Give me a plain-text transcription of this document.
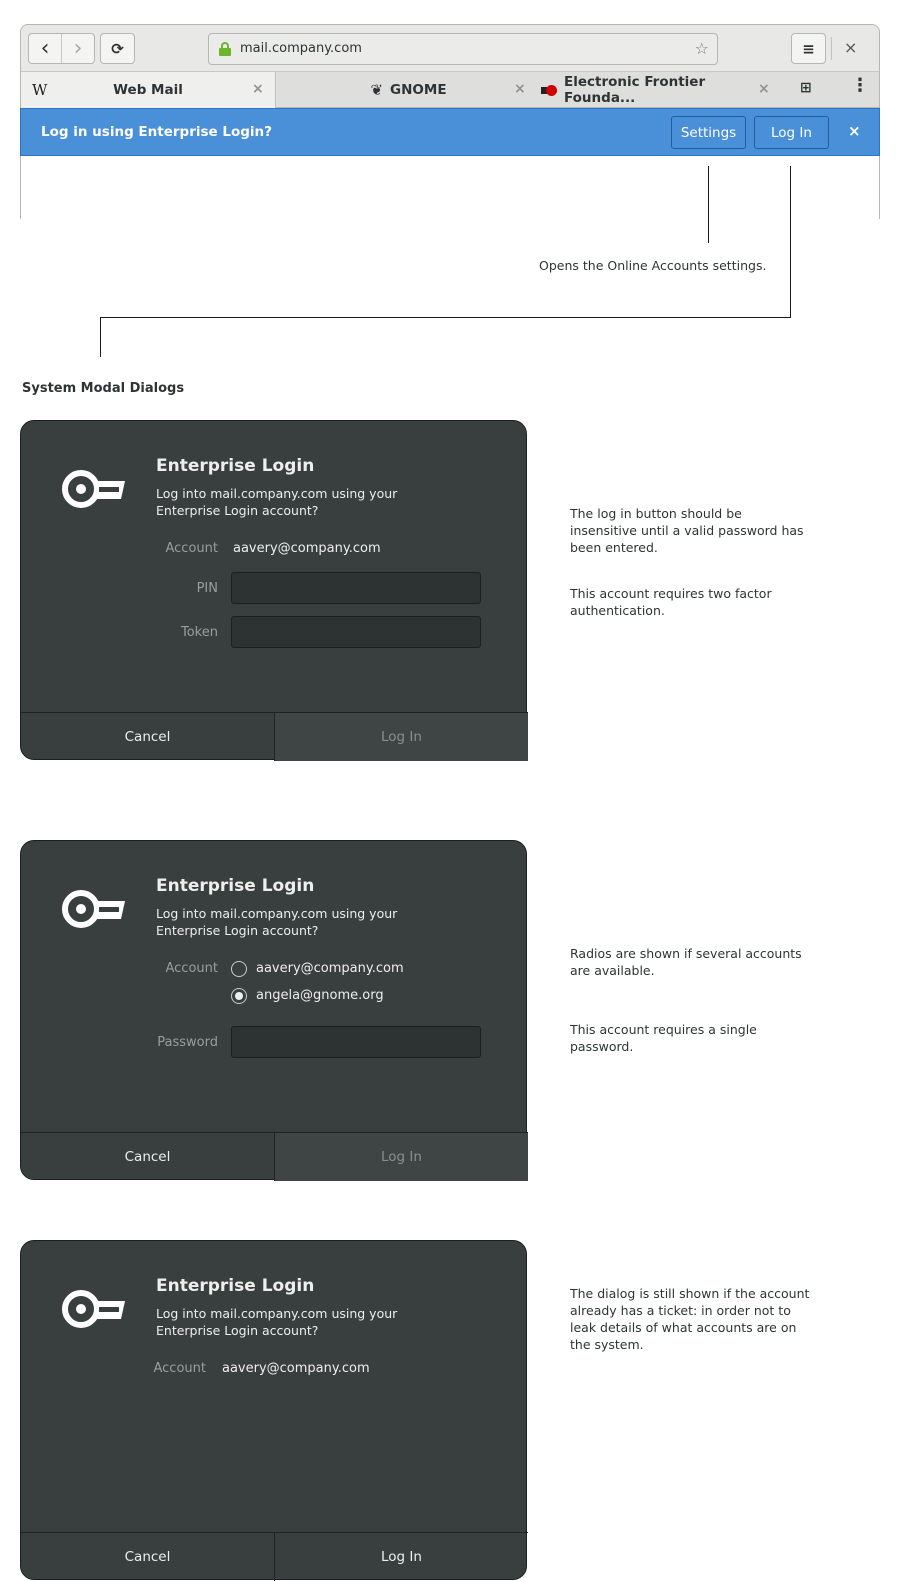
‹ › ⟳	mail.company.com	☆	≡ ×
W	Web Mail	×	❦ GNOME	×	Electronic Frontier Founda...
× ⊞ ⋮
Log in using Enterprise Login?	Settings	Log In	×
Opens the Online Accounts settings.
System Modal Dialogs
Enterprise Login
Log into mail.company.com using your Enterprise Login account?
Account aavery@company.com
PIN
Token
Cancel	Log In
The log in button should be insensitive until a valid password has been entered.
This account requires two factor authentication.
Enterprise Login
Log into mail.company.com using your Enterprise Login account?
Account	aavery@company.com
angela@gnome.org
Password
Cancel	Log In
Radios are shown if several accounts are available.
This account requires a single password.
Enterprise Login
Log into mail.company.com using your Enterprise Login account?
Account aavery@company.com
Cancel	Log In
The dialog is still shown if the account already has a ticket: in order not to leak details of what accounts are on the system.
